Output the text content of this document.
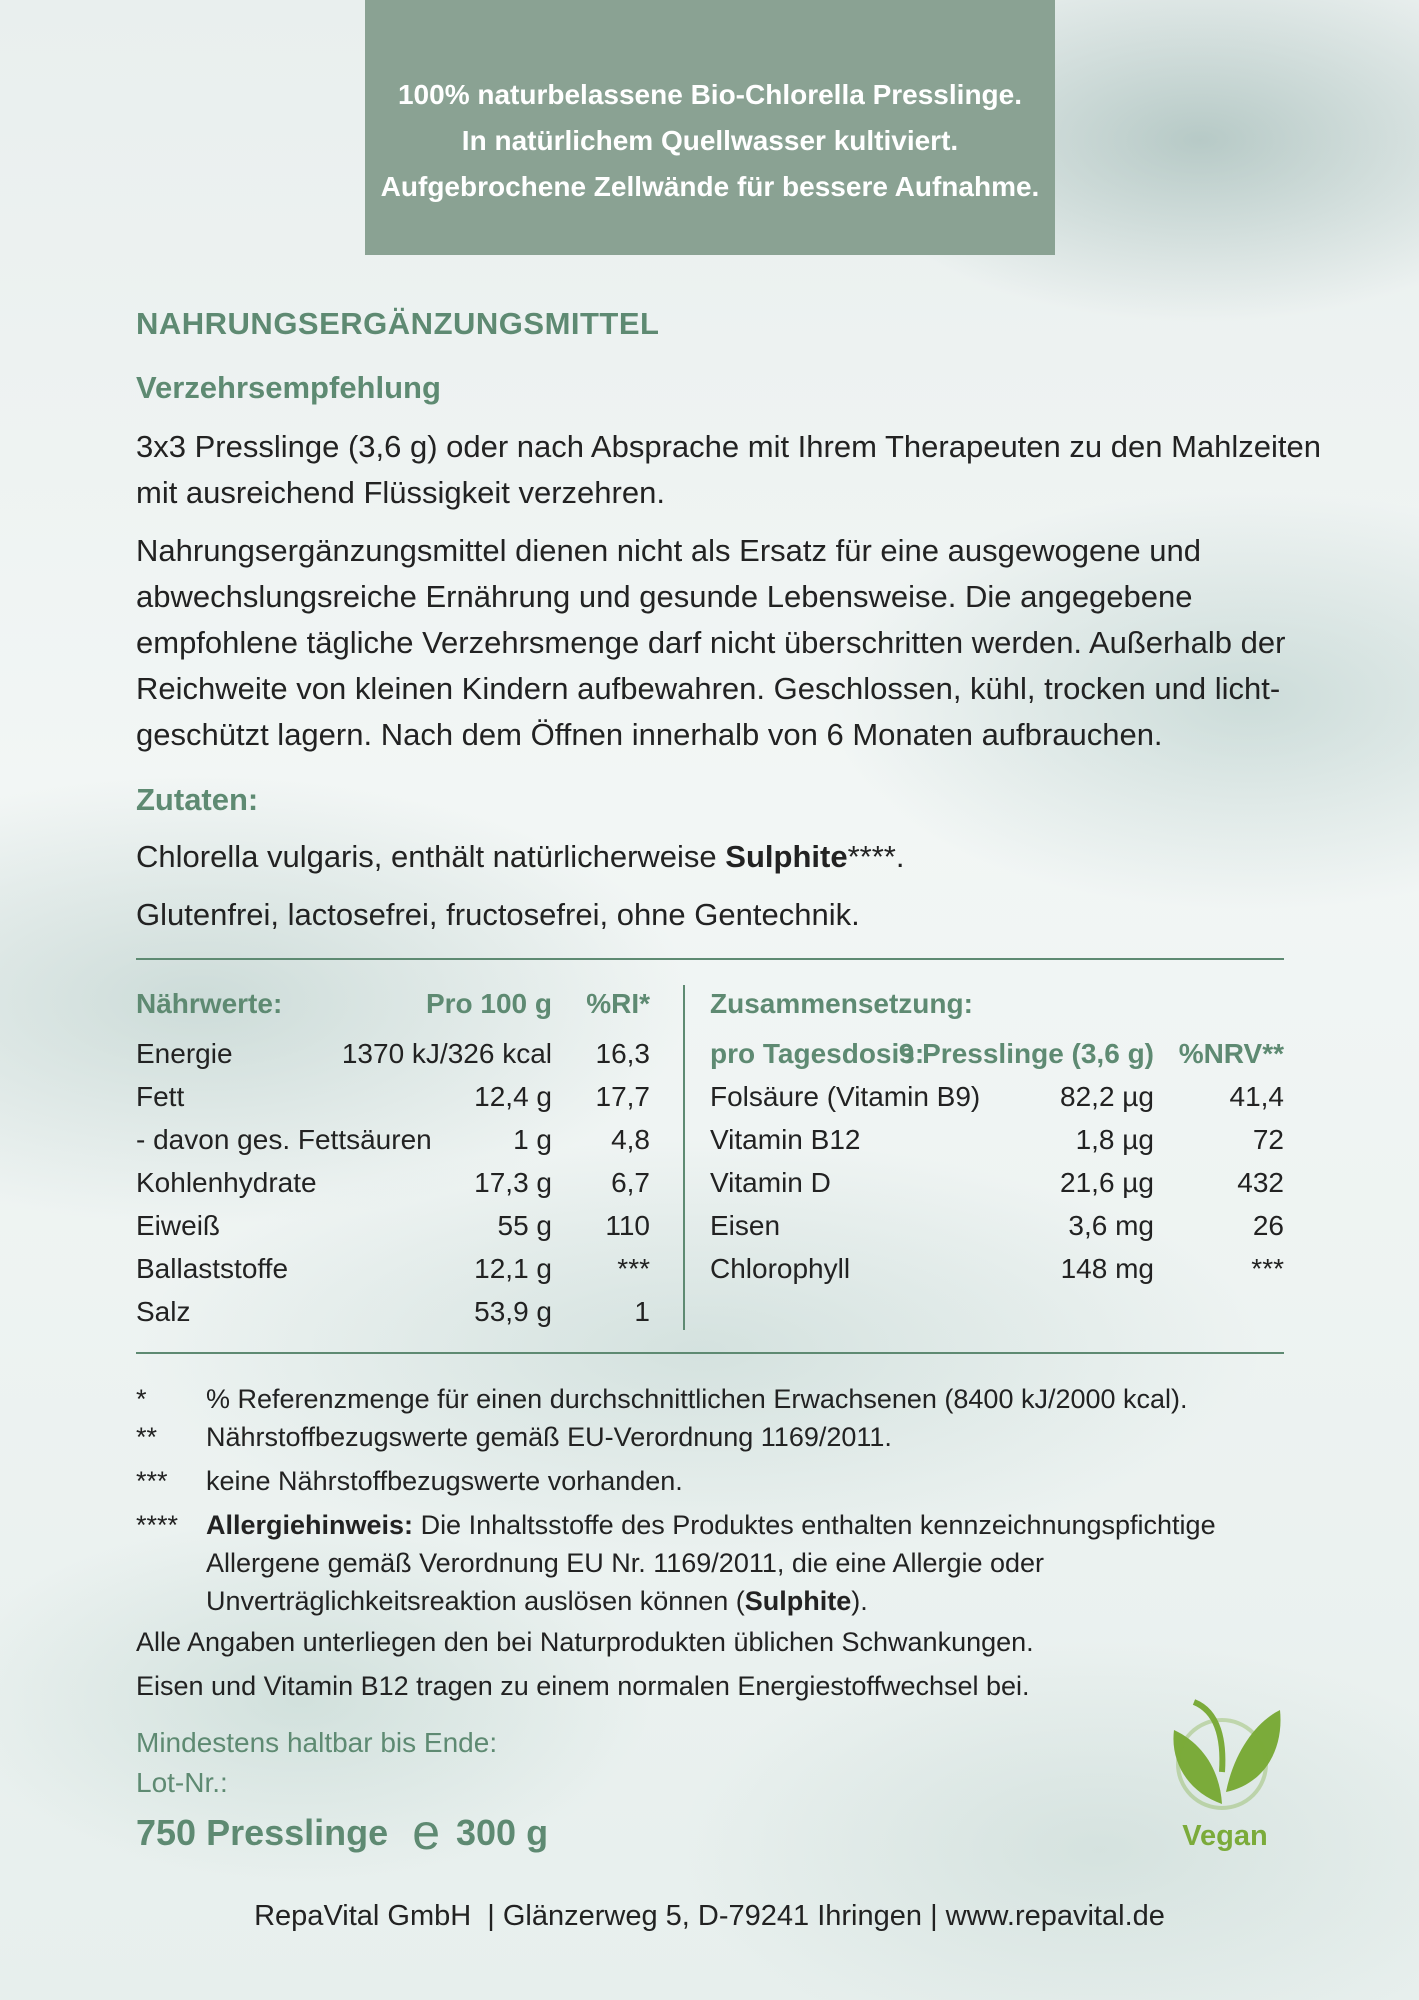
100% naturbelassene Bio-Chlorella Presslinge.
In natürlichem Quellwasser kultiviert.
Aufgebrochene Zellwände für bessere Aufnahme.
NAHRUNGSERGÄNZUNGSMITTEL
Verzehrsempfehlung
3x3 Presslinge (3,6 g) oder nach Absprache mit Ihrem Therapeuten zu den Mahlzeiten
mit ausreichend Flüssigkeit verzehren.
Nahrungsergänzungsmittel dienen nicht als Ersatz für eine ausgewogene und
abwechslungsreiche Ernährung und gesunde Lebensweise. Die angegebene
empfohlene tägliche Verzehrsmenge darf nicht überschritten werden. Außerhalb der
Reichweite von kleinen Kindern aufbewahren. Geschlossen, kühl, trocken und licht-
geschützt lagern. Nach dem Öffnen innerhalb von 6 Monaten aufbrauchen.
Zutaten:
Chlorella vulgaris, enthält natürlicherweise Sulphite****.
Glutenfrei, lactosefrei, fructosefrei, ohne Gentechnik.
Nährwerte:	Pro 100 g %RI*
Energie	1370 kJ/326 kcal 16,3
Fett	12,4 g 17,7
- davon ges. Fettsäuren	1 g 4,8
Kohlenhydrate	17,3 g 6,7
Eiweiß	55 g 110
Ballaststoffe	12,1 g ***
Salz	53,9 g	1
Zusammensetzung:
pro Tagesdosis:
9 Presslinge (3,6 g) %NRV**
Folsäure (Vitamin B9)	82,2 µg	41,4
Vitamin B12	1,8 µg	72
Vitamin D	21,6 µg	432
Eisen	3,6 mg	26
Chlorophyll	148 mg	***
* % Referenzmenge für einen durchschnittlichen Erwachsenen (8400 kJ/2000 kcal).
** Nährstoffbezugswerte gemäß EU-Verordnung 1169/2011.
*** keine Nährstoffbezugswerte vorhanden.
**** Allergiehinweis: Die Inhaltsstoffe des Produktes enthalten kennzeichnungspfichtige
Allergene gemäß Verordnung EU Nr. 1169/2011, die eine Allergie oder
Unverträglichkeitsreaktion auslösen können (Sulphite).
Alle Angaben unterliegen den bei Naturprodukten üblichen Schwankungen.
Eisen und Vitamin B12 tragen zu einem normalen Energiestoffwechsel bei.
Mindestens haltbar bis Ende:
Lot-Nr.:
750 Presslinge e 300 g	Vegan
RepaVital GmbH  | Glänzerweg 5, D-79241 Ihringen | www.repavital.de
